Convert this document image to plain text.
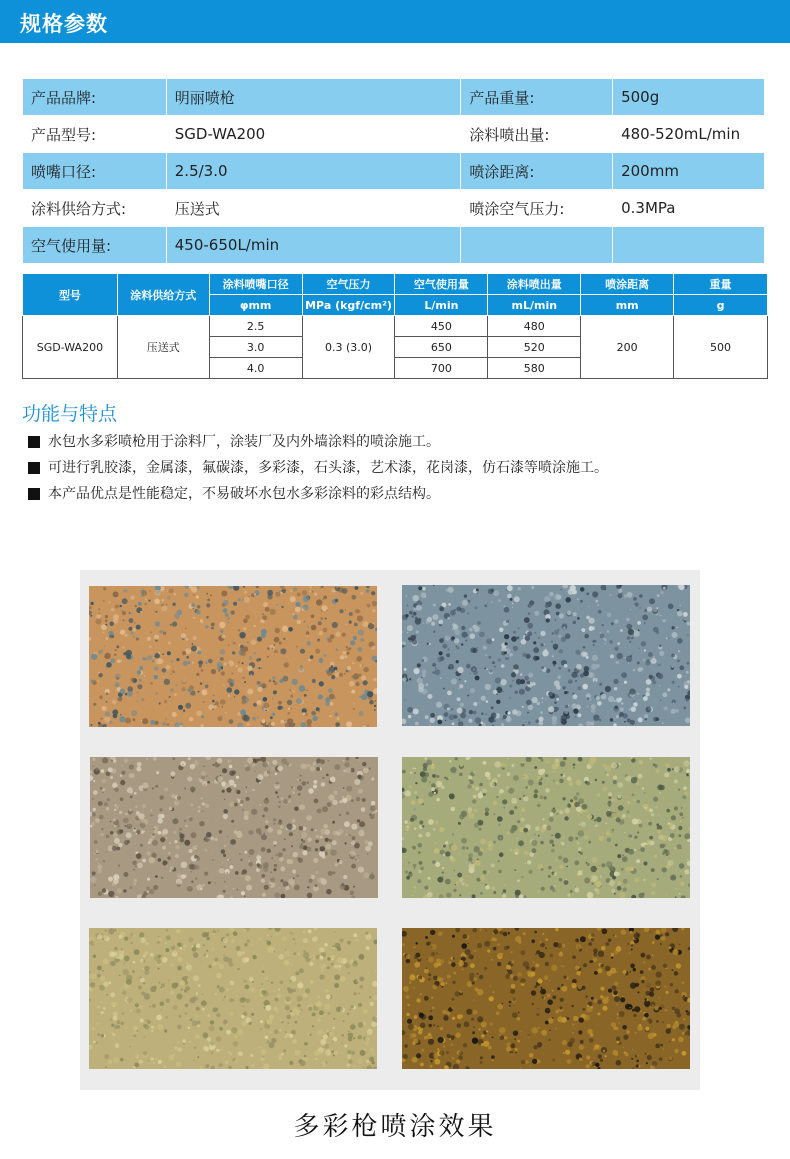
规格参数
产品品牌:	明丽喷枪	产品重量:	500g
产品型号:	SGD-WA200	涂料喷出量:	480-520mL/min
喷嘴口径:	2.5/3.0	喷涂距离:	200mm
涂料供给方式:	压送式	喷涂空气压力:	0.3MPa
空气使用量:	450-650L/min		
型号	涂料供给方式	涂料喷嘴口径	空气压力	空气使用量	涂料喷出量	喷涂距离	重量
		φmm	MPa (kgf/cm²)	L/min	mL/min	mm	g
SGD-WA200	压送式	2.5	0.3 (3.0)	450	480	200	500
		3.0		650	520		
		4.0		700	580		
功能与特点
水包水多彩喷枪用于涂料厂，涂装厂及内外墙涂料的喷涂施工。
可进行乳胶漆，金属漆，氟碳漆，多彩漆，石头漆，艺术漆，花岗漆，仿石漆等喷涂施工。
本产品优点是性能稳定，不易破坏水包水多彩涂料的彩点结构。
多彩枪喷涂效果
